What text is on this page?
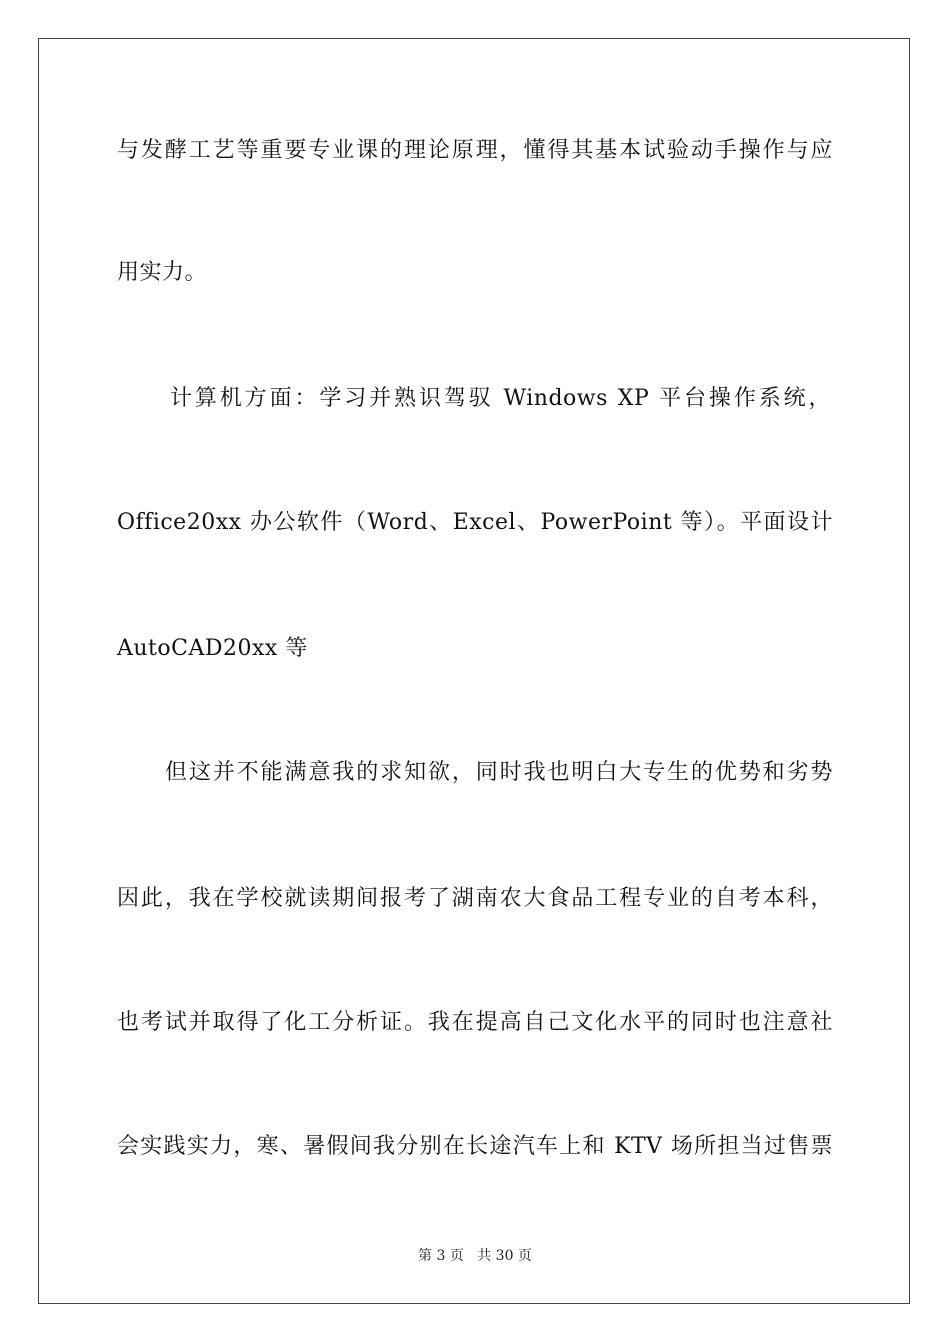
与发酵工艺等重要专业课的理论原理，懂得其基本试验动手操作与应
用实力。
计算机方面：学习并熟识驾驭 Windows XP 平台操作系统，
Office20xx 办公软件（Word、Excel、PowerPoint 等）。平面设计
AutoCAD20xx 等
但这并不能满意我的求知欲，同时我也明白大专生的优势和劣势
因此，我在学校就读期间报考了湖南农大食品工程专业的自考本科，
也考试并取得了化工分析证。我在提高自己文化水平的同时也注意社
会实践实力，寒、暑假间我分别在长途汽车上和 KTV 场所担当过售票
第 3 页 共 30 页
